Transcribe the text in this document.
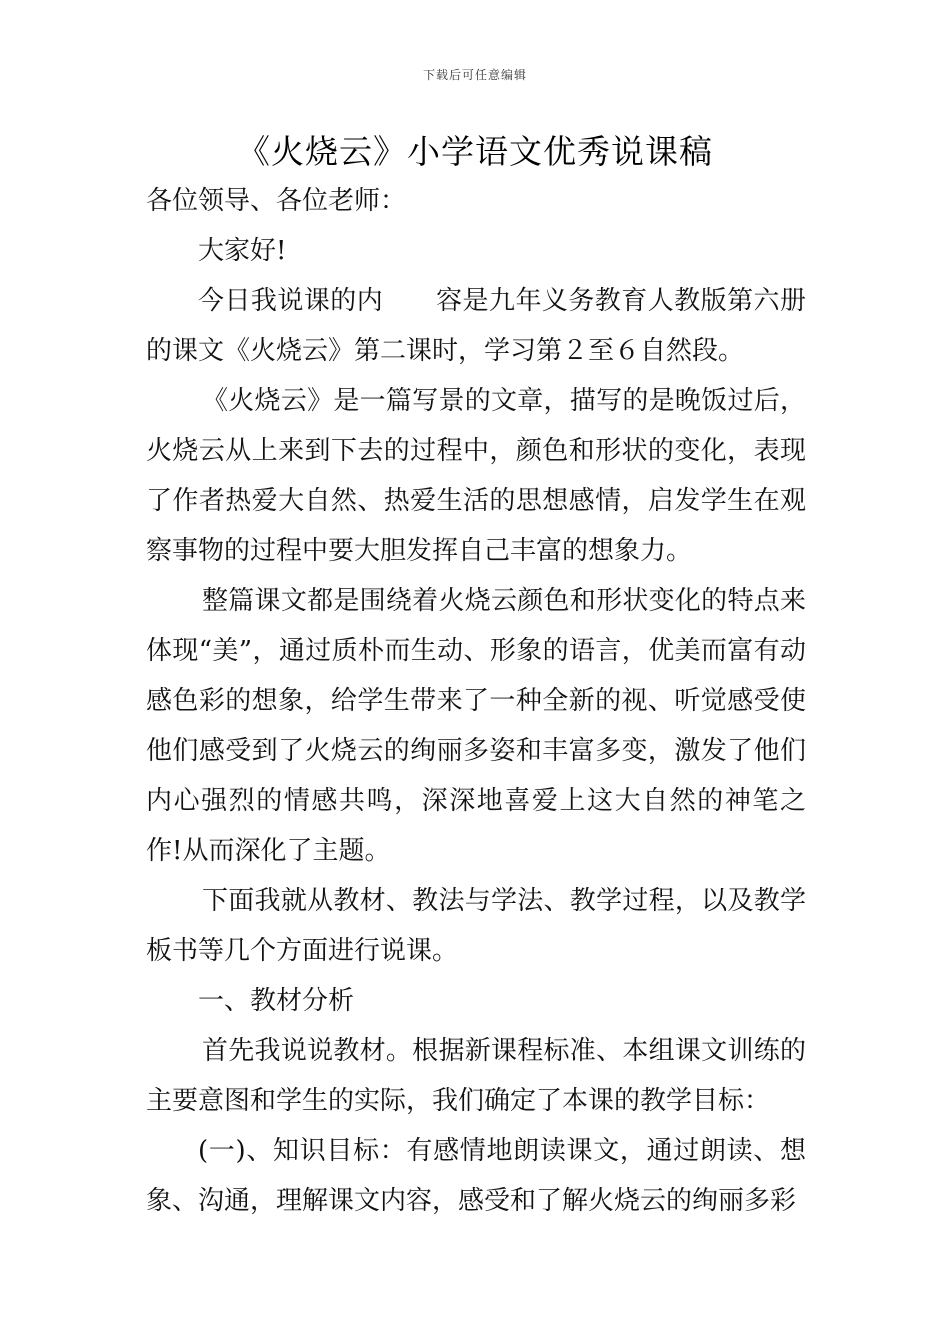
下载后可任意编辑
《火烧云》小学语文优秀说课稿

各位领导、各位老师：

大家好!

今日我说课的内　　容是九年义务教育人教版第六册的课文《火烧云》第二课时，学习第２至６自然段。

《火烧云》是一篇写景的文章，描写的是晚饭过后，火烧云从上来到下去的过程中，颜色和形状的变化，表现了作者热爱大自然、热爱生活的思想感情，启发学生在观察事物的过程中要大胆发挥自己丰富的想象力。

整篇课文都是围绕着火烧云颜色和形状变化的特点来体现“美”，通过质朴而生动、形象的语言，优美而富有动感色彩的想象，给学生带来了一种全新的视、听觉感受使他们感受到了火烧云的绚丽多姿和丰富多变，激发了他们内心强烈的情感共鸣，深深地喜爱上这大自然的神笔之作!从而深化了主题。

下面我就从教材、教法与学法、教学过程，以及教学板书等几个方面进行说课。

一、教材分析

首先我说说教材。根据新课程标准、本组课文训练的主要意图和学生的实际，我们确定了本课的教学目标：

(一)、知识目标：有感情地朗读课文，通过朗读、想象、沟通，理解课文内容，感受和了解火烧云的绚丽多彩
